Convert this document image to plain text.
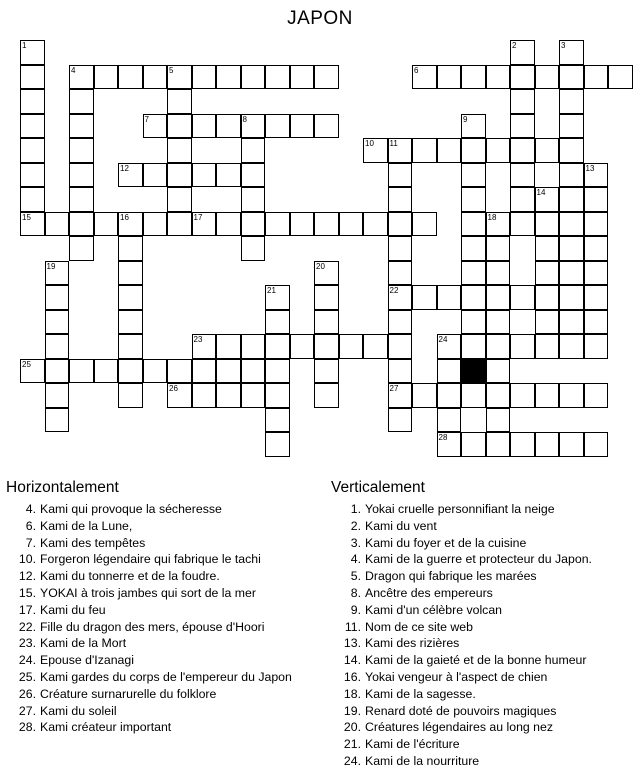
JAPON
1	2	3
4	5	6
7	8	9
10 11
12	13
14
15	16	17	18
19	20
21	22
23	24
25
26	27
28
Horizontalement
4. Kami qui provoque la sécheresse
6. Kami de la Lune,
7. Kami des tempêtes
10. Forgeron légendaire qui fabrique le tachi
12. Kami du tonnerre et de la foudre.
15. YOKAI à trois jambes qui sort de la mer
17. Kami du feu
22. Fille du dragon des mers, épouse d'Hoori
23. Kami de la Mort
24. Epouse d'Izanagi
25. Kami gardes du corps de l'empereur du Japon
26. Créature surnarurelle du folklore
27. Kami du soleil
28. Kami créateur important
Verticalement
1. Yokai cruelle personnifiant la neige
2. Kami du vent
3. Kami du foyer et de la cuisine
4. Kami de la guerre et protecteur du Japon.
5. Dragon qui fabrique les marées
8. Ancêtre des empereurs
9. Kami d'un célèbre volcan
11. Nom de ce site web
13. Kami des rizières
14. Kami de la gaieté et de la bonne humeur
16. Yokai vengeur à l'aspect de chien
18. Kami de la sagesse.
19. Renard doté de pouvoirs magiques
20. Créatures légendaires au long nez
21. Kami de l'écriture
24. Kami de la nourriture
